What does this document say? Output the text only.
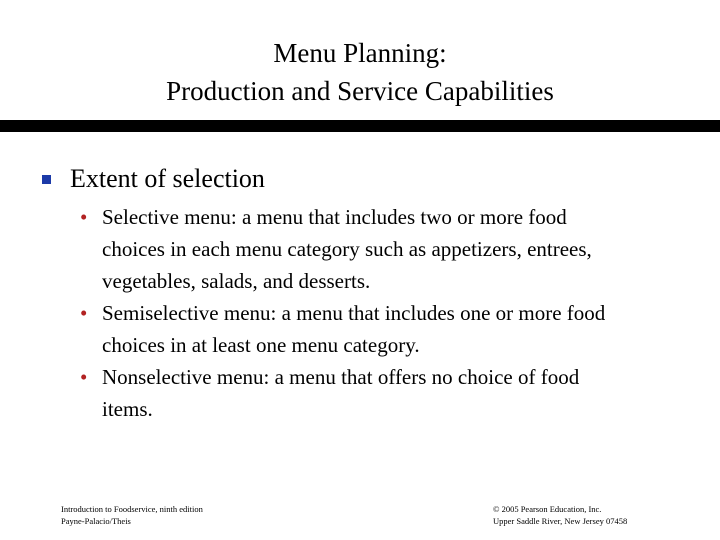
Menu Planning:
Production and Service Capabilities
Extent of selection
• Selective menu: a menu that includes two or more food
choices in each menu category such as appetizers, entrees,
vegetables, salads, and desserts.
• Semiselective menu: a menu that includes one or more food
choices in at least one menu category.
• Nonselective menu: a menu that offers no choice of food
items.
Introduction to Foodservice, ninth edition
Payne-Palacio/Theis
© 2005 Pearson Education, Inc.
Upper Saddle River, New Jersey 07458
